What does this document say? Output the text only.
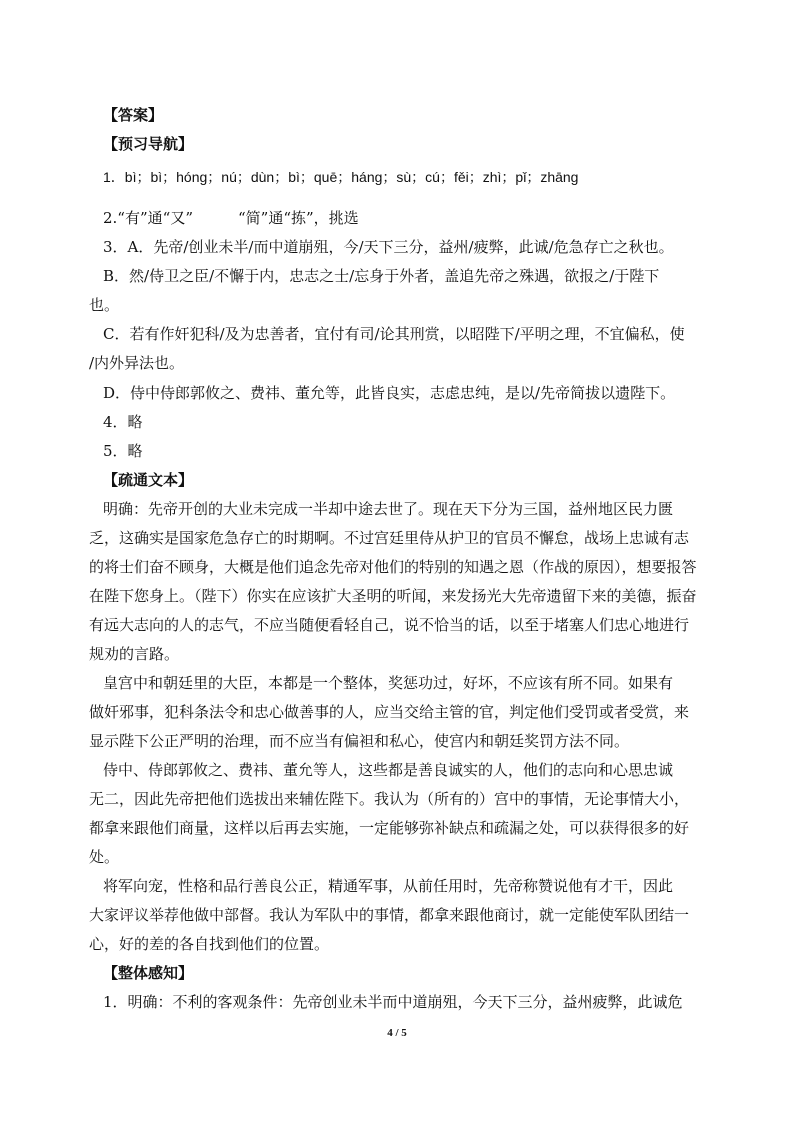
【答案】
【预习导航】
1．bì；bì；hóng；nú；dùn；bì；quē；háng；sù；cú；fěi；zhì；pǐ；zhāng
2.“有”通“又”　　　“简”通“拣”，挑选
3．A．先帝/创业未半/而中道崩殂，今/天下三分，益州/疲弊，此诚/危急存亡之秋也。
B．然/侍卫之臣/不懈于内，忠志之士/忘身于外者，盖追先帝之殊遇，欲报之/于陛下
也。
C．若有作奸犯科/及为忠善者，宜付有司/论其刑赏，以昭陛下/平明之理，不宜偏私，使
/内外异法也。
D．侍中侍郎郭攸之、费祎、董允等，此皆良实，志虑忠纯，是以/先帝简拔以遗陛下。
4．略
5．略
【疏通文本】
明确：先帝开创的大业未完成一半却中途去世了。现在天下分为三国，益州地区民力匮
乏，这确实是国家危急存亡的时期啊。不过宫廷里侍从护卫的官员不懈怠，战场上忠诚有志
的将士们奋不顾身，大概是他们追念先帝对他们的特别的知遇之恩（作战的原因），想要报答
在陛下您身上。（陛下）你实在应该扩大圣明的听闻，来发扬光大先帝遗留下来的美德，振奋
有远大志向的人的志气，不应当随便看轻自己，说不恰当的话，以至于堵塞人们忠心地进行
规劝的言路。
皇宫中和朝廷里的大臣，本都是一个整体，奖惩功过，好坏，不应该有所不同。如果有
做奸邪事，犯科条法令和忠心做善事的人，应当交给主管的官，判定他们受罚或者受赏，来
显示陛下公正严明的治理，而不应当有偏袒和私心，使宫内和朝廷奖罚方法不同。
侍中、侍郎郭攸之、费祎、董允等人，这些都是善良诚实的人，他们的志向和心思忠诚
无二，因此先帝把他们选拔出来辅佐陛下。我认为（所有的）宫中的事情，无论事情大小，
都拿来跟他们商量，这样以后再去实施，一定能够弥补缺点和疏漏之处，可以获得很多的好
处。
将军向宠，性格和品行善良公正，精通军事，从前任用时，先帝称赞说他有才干，因此
大家评议举荐他做中部督。我认为军队中的事情，都拿来跟他商讨，就一定能使军队团结一
心，好的差的各自找到他们的位置。
【整体感知】
1．明确：不利的客观条件：先帝创业未半而中道崩殂，今天下三分，益州疲弊，此诚危
4 / 5
